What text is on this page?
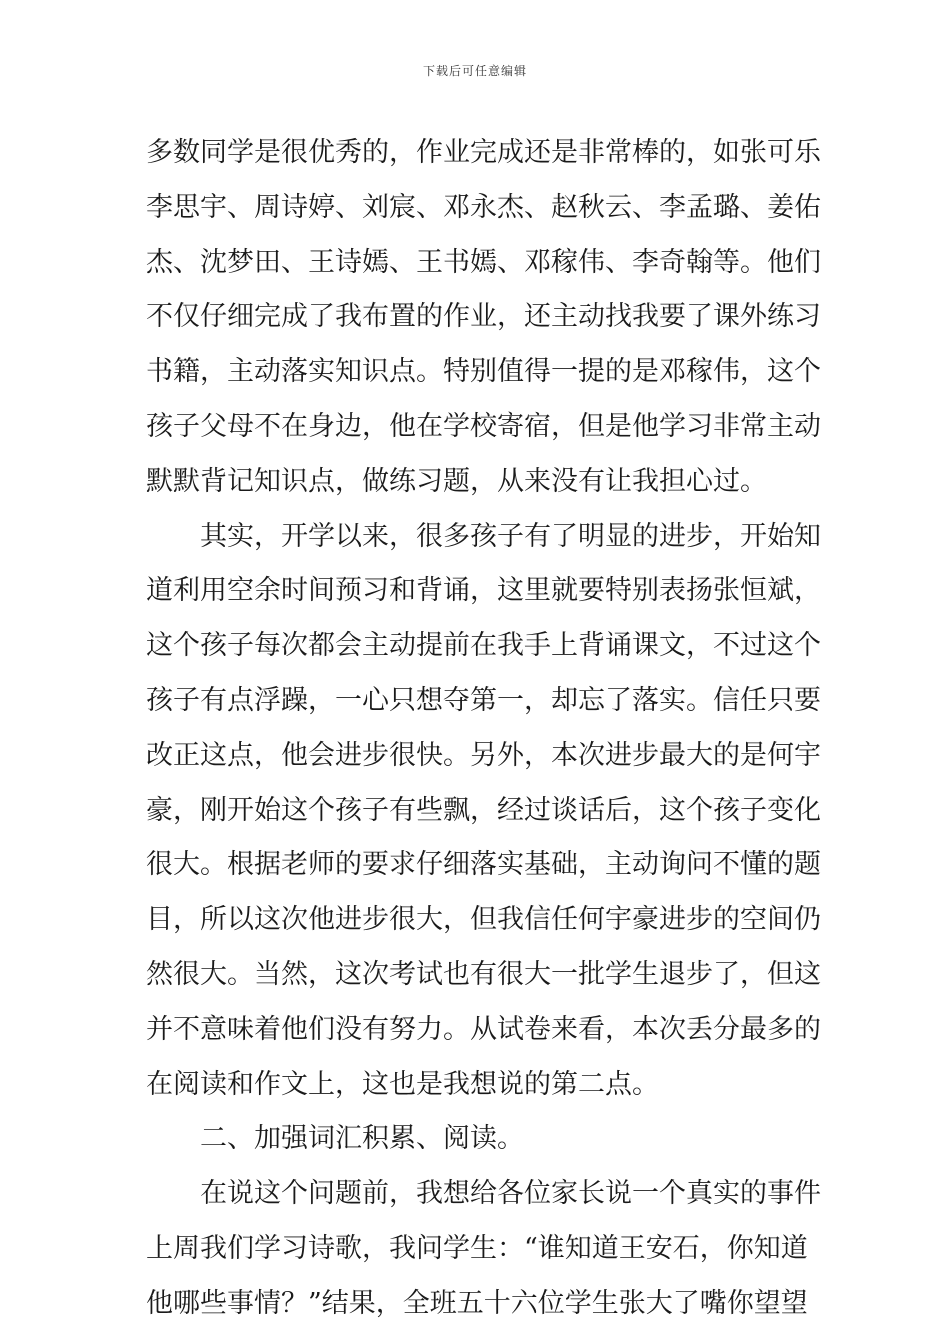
下载后可任意编辑
多数同学是很优秀的，作业完成还是非常棒的，如张可乐
李思宇、周诗婷、刘宸、邓永杰、赵秋云、李孟璐、姜佑
杰、沈梦田、王诗嫣、王书嫣、邓稼伟、李奇翰等。他们
不仅仔细完成了我布置的作业，还主动找我要了课外练习
书籍，主动落实知识点。特别值得一提的是邓稼伟，这个
孩子父母不在身边，他在学校寄宿，但是他学习非常主动
默默背记知识点，做练习题，从来没有让我担心过。
其实，开学以来，很多孩子有了明显的进步，开始知
道利用空余时间预习和背诵，这里就要特别表扬张恒斌，
这个孩子每次都会主动提前在我手上背诵课文，不过这个
孩子有点浮躁，一心只想夺第一，却忘了落实。信任只要
改正这点，他会进步很快。另外，本次进步最大的是何宇
豪，刚开始这个孩子有些飘，经过谈话后，这个孩子变化
很大。根据老师的要求仔细落实基础，主动询问不懂的题
目，所以这次他进步很大，但我信任何宇豪进步的空间仍
然很大。当然，这次考试也有很大一批学生退步了，但这
并不意味着他们没有努力。从试卷来看，本次丢分最多的
在阅读和作文上，这也是我想说的第二点。
二、加强词汇积累、阅读。
在说这个问题前，我想给各位家长说一个真实的事件
上周我们学习诗歌，我问学生：“谁知道王安石，你知道
他哪些事情？”结果，全班五十六位学生张大了嘴你望望
